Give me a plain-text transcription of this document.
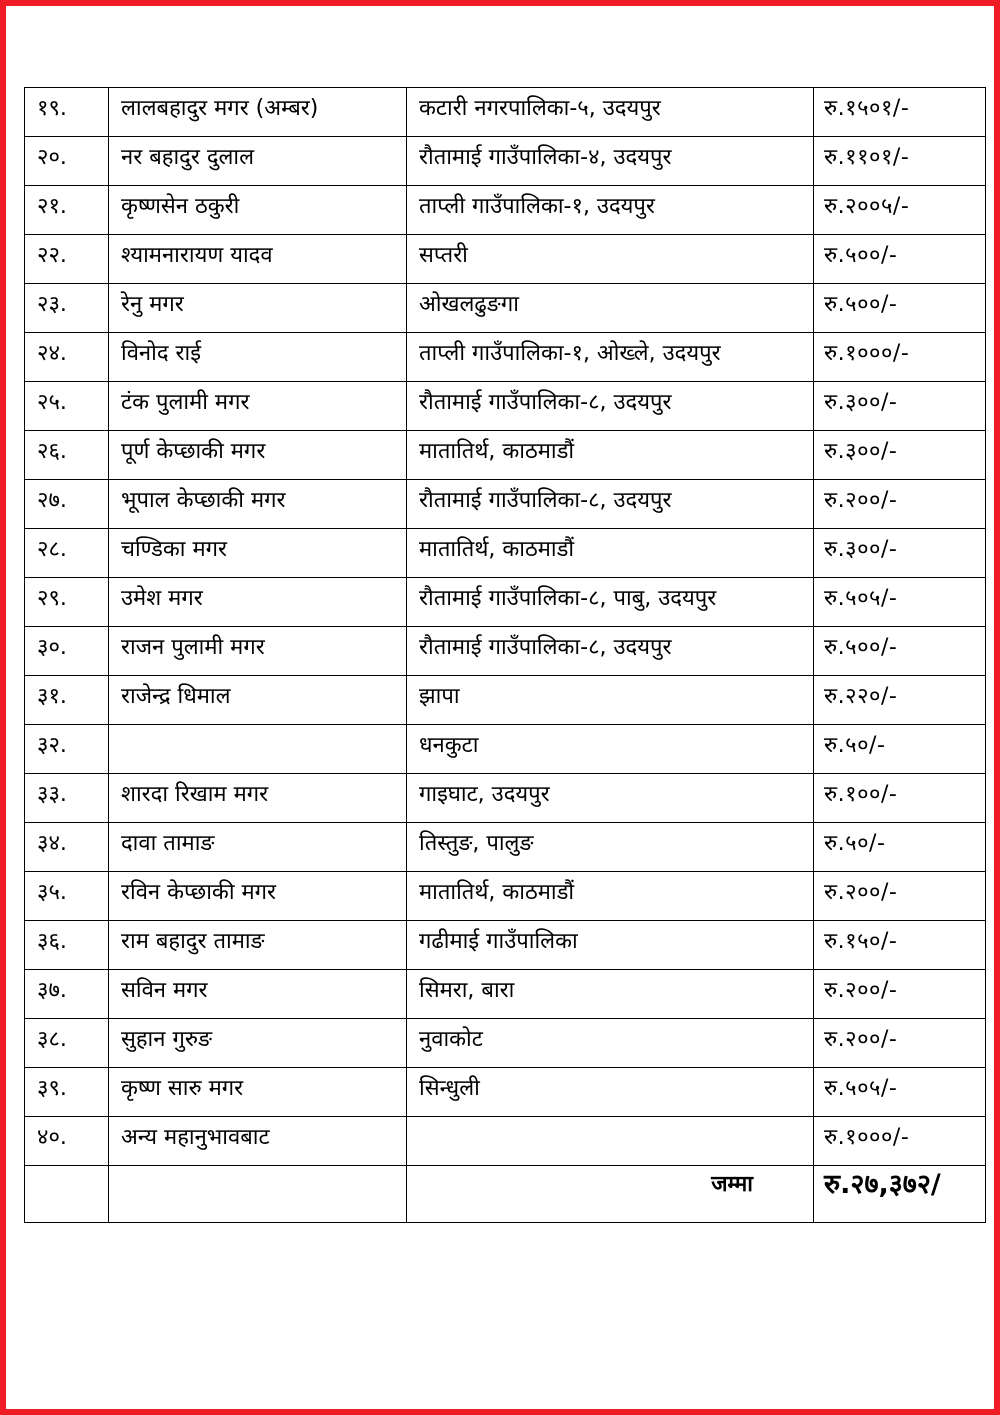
१९.	लालबहादुर मगर (अम्बर)	कटारी नगरपालिका-५, उदयपुर	रु.१५०१/-
२०.	नर बहादुर दुलाल	रौतामाई गाउँपालिका-४, उदयपुर	रु.११०१/-
२१.	कृष्णसेन ठकुरी	ताप्ली गाउँपालिका-१, उदयपुर	रु.२००५/-
२२.	श्यामनारायण यादव	सप्तरी	रु.५००/-
२३.	रेनु मगर	ओखलढुङगा	रु.५००/-
२४.	विनोद राई	ताप्ली गाउँपालिका-१, ओख्ले, उदयपुर	रु.१०००/-
२५.	टंक पुलामी मगर	रौतामाई गाउँपालिका-८, उदयपुर	रु.३००/-
२६.	पूर्ण केप्छाकी मगर	मातातिर्थ, काठमाडौं	रु.३००/-
२७.	भूपाल केप्छाकी मगर	रौतामाई गाउँपालिका-८, उदयपुर	रु.२००/-
२८.	चण्डिका मगर	मातातिर्थ, काठमाडौं	रु.३००/-
२९.	उमेश मगर	रौतामाई गाउँपालिका-८, पाबु, उदयपुर	रु.५०५/-
३०.	राजन पुलामी मगर	रौतामाई गाउँपालिका-८, उदयपुर	रु.५००/-
३१.	राजेन्द्र धिमाल	झापा	रु.२२०/-
३२.		धनकुटा	रु.५०/-
३३.	शारदा रिखाम मगर	गाइघाट, उदयपुर	रु.१००/-
३४.	दावा तामाङ	तिस्तुङ, पालुङ	रु.५०/-
३५.	रविन केप्छाकी मगर	मातातिर्थ, काठमाडौं	रु.२००/-
३६.	राम बहादुर तामाङ	गढीमाई गाउँपालिका	रु.१५०/-
३७.	सविन मगर	सिमरा, बारा	रु.२००/-
३८.	सुहान गुरुङ	नुवाकोट	रु.२००/-
३९.	कृष्ण सारु मगर	सिन्धुली	रु.५०५/-
४०.	अन्य महानुभावबाट		रु.१०००/-
		जम्मा	रु.२७,३७२/
